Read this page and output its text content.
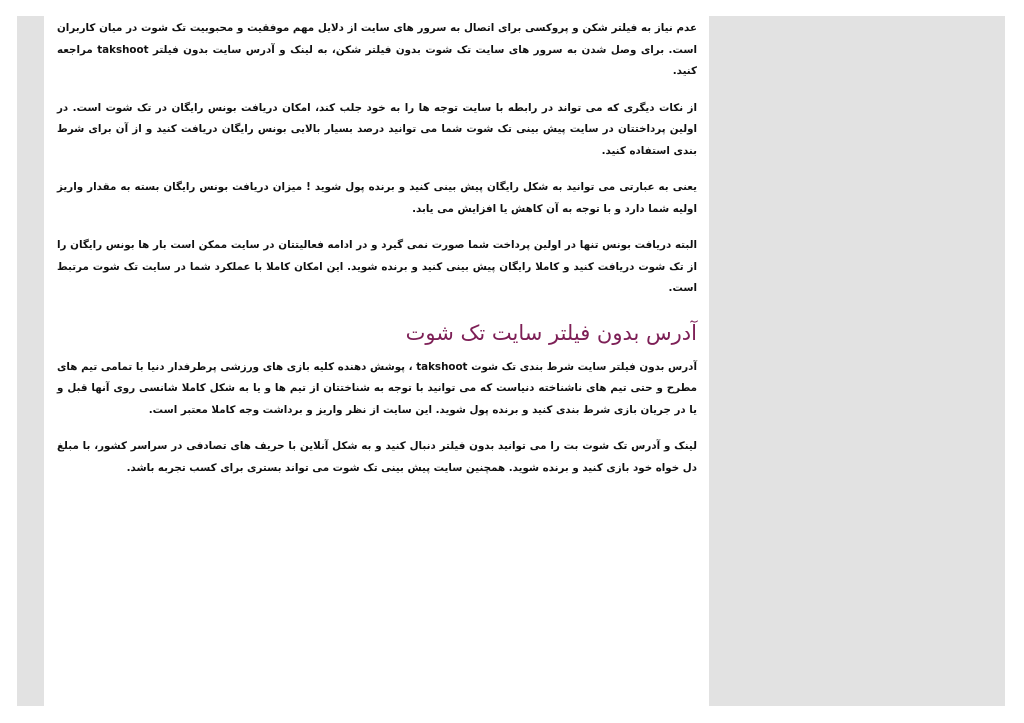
عدم نیاز به فیلتر شکن و پروکسی برای اتصال به سرور های سایت از دلایل مهم موفقیت و محبوبیت تک شوت در میان کاربران است. برای وصل شدن به سرور های سایت تک شوت بدون فیلتر شکن، به لینک و آدرس سایت بدون فیلتر takshoot مراجعه کنید.

از نکات دیگری که می تواند در رابطه با سایت توجه ها را به خود جلب کند، امکان دریافت بونس رایگان در تک شوت است. در اولین پرداختتان در سایت پیش بینی تک شوت شما می توانید درصد بسیار بالایی بونس رایگان دریافت کنید و از آن برای شرط بندی استفاده کنید.

یعنی به عبارتی می توانید به شکل رایگان پیش بینی کنید و برنده پول شوید ! میزان دریافت بونس رایگان بسته به مقدار واریز اولیه شما دارد و با توجه به آن کاهش یا افزایش می یابد.

البته دریافت بونس تنها در اولین پرداخت شما صورت نمی گیرد و در ادامه فعالیتتان در سایت ممکن است بار ها بونس رایگان را از تک شوت دریافت کنید و کاملا رایگان پیش بینی کنید و برنده شوید. این امکان کاملا با عملکرد شما در سایت تک شوت مرتبط است.

آدرس بدون فیلتر سایت تک شوت

آدرس بدون فیلتر سایت شرط بندی تک شوت takshoot ، پوشش دهنده کلیه بازی های ورزشی پرطرفدار دنیا با تمامی تیم های مطرح و حتی تیم های ناشناخته دنیاست که می توانید با توجه به شناختتان از تیم ها و یا به شکل کاملا شانسی روی آنها قبل و یا در جریان بازی شرط بندی کنید و برنده پول شوید. این سایت از نظر واریز و برداشت وجه کاملا معتبر است.

لینک و آدرس تک شوت بت را می توانید بدون فیلتر دنبال کنید و به شکل آنلاین با حریف های تصادفی در سراسر کشور، با مبلغ دل خواه خود بازی کنید و برنده شوید. همچنین سایت پیش بینی تک شوت می تواند بستری برای کسب تجربه باشد.
